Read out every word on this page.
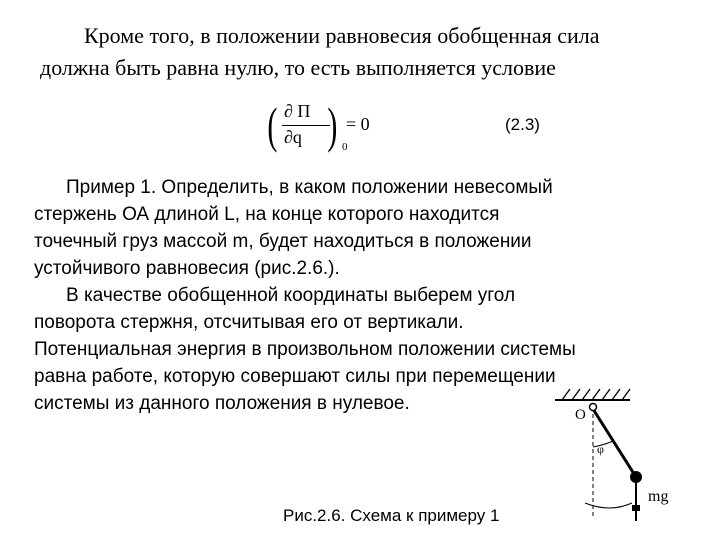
Кроме того, в положении равновесия обобщенная сила
должна быть равна нулю, то есть выполняется условие
( ∂ Π
∂q ) 0
= 0	(2.3)
Пример 1. Определить, в каком положении невесомый
стержень ОА длиной L, на конце которого находится
точечный груз массой m, будет находиться в положении
устойчивого равновесия (рис.2.6.).
В качестве обобщенной координаты выберем угол
поворота стержня, отсчитывая его от вертикали.
Потенциальная энергия в произвольном положении системы
равна работе, которую совершают силы при перемещении
системы из данного положения в нулевое.
O
φ
mg
Рис.2.6. Схема к примеру 1
